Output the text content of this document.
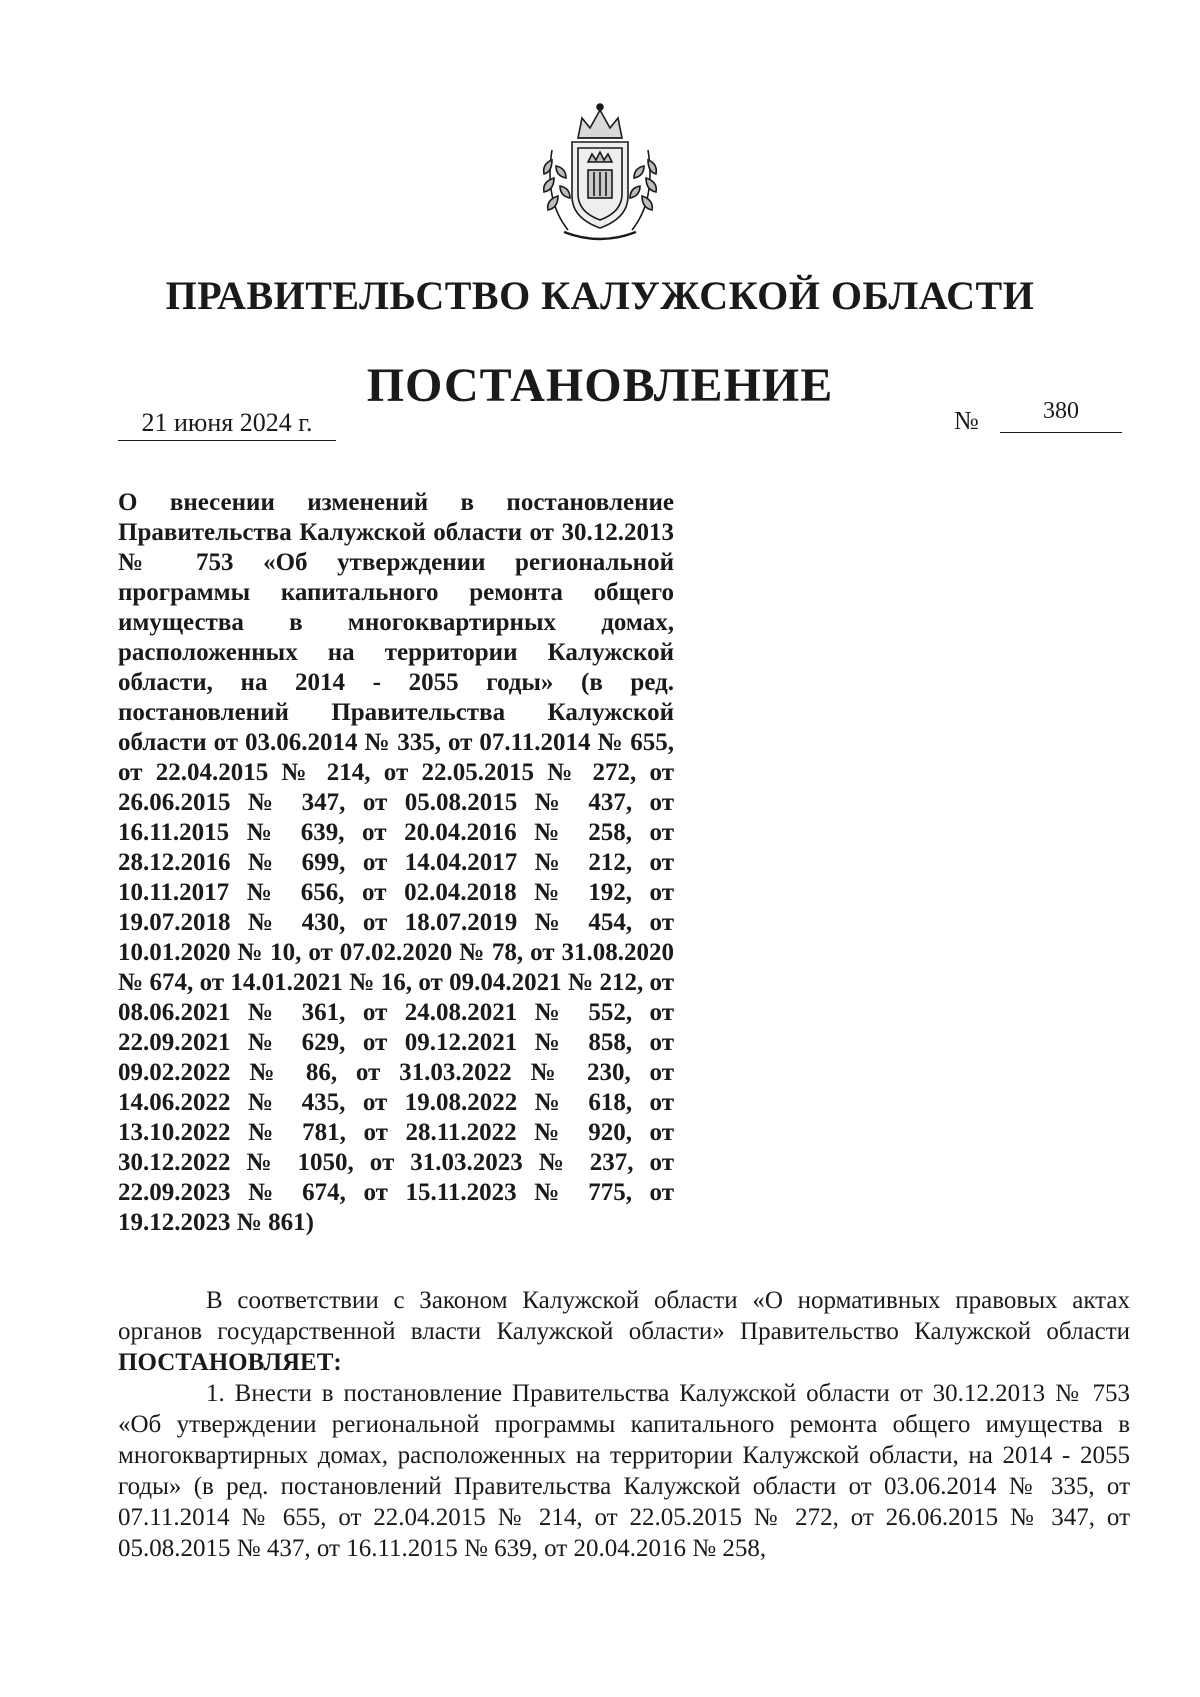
ПРАВИТЕЛЬСТВО КАЛУЖСКОЙ ОБЛАСТИ
ПОСТАНОВЛЕНИЕ
21 июня 2024 г.	№	380

О внесении изменений в постановление Правительства Калужской области от 30.12.2013 № 753 «Об утверждении региональной программы капитального ремонта общего имущества в многоквартирных домах, расположенных на территории Калужской области, на 2014 - 2055 годы» (в ред. постановлений Правительства Калужской области от 03.06.2014 № 335, от 07.11.2014 № 655, от 22.04.2015 № 214, от 22.05.2015 № 272, от 26.06.2015 № 347, от 05.08.2015 № 437, от 16.11.2015 № 639, от 20.04.2016 № 258, от 28.12.2016 № 699, от 14.04.2017 № 212, от 10.11.2017 № 656, от 02.04.2018 № 192, от 19.07.2018 № 430, от 18.07.2019 № 454, от 10.01.2020 № 10, от 07.02.2020 № 78, от 31.08.2020 № 674, от 14.01.2021 № 16, от 09.04.2021 № 212, от 08.06.2021 № 361, от 24.08.2021 № 552, от 22.09.2021 № 629, от 09.12.2021 № 858, от 09.02.2022 № 86, от 31.03.2022 № 230, от 14.06.2022 № 435, от 19.08.2022 № 618, от 13.10.2022 № 781, от 28.11.2022 № 920, от 30.12.2022 № 1050, от 31.03.2023 № 237, от 22.09.2023 № 674, от 15.11.2023 № 775, от 19.12.2023 № 861)

В соответствии с Законом Калужской области «О нормативных правовых актах органов государственной власти Калужской области» Правительство Калужской области ПОСТАНОВЛЯЕТ:

1. Внести в постановление Правительства Калужской области от 30.12.2013 № 753 «Об утверждении региональной программы капитального ремонта общего имущества в многоквартирных домах, расположенных на территории Калужской области, на 2014 - 2055 годы» (в ред. постановлений Правительства Калужской области от 03.06.2014 № 335, от 07.11.2014 № 655, от 22.04.2015 № 214, от 22.05.2015 № 272, от 26.06.2015 № 347, от 05.08.2015 № 437, от 16.11.2015 № 639, от 20.04.2016 № 258,
